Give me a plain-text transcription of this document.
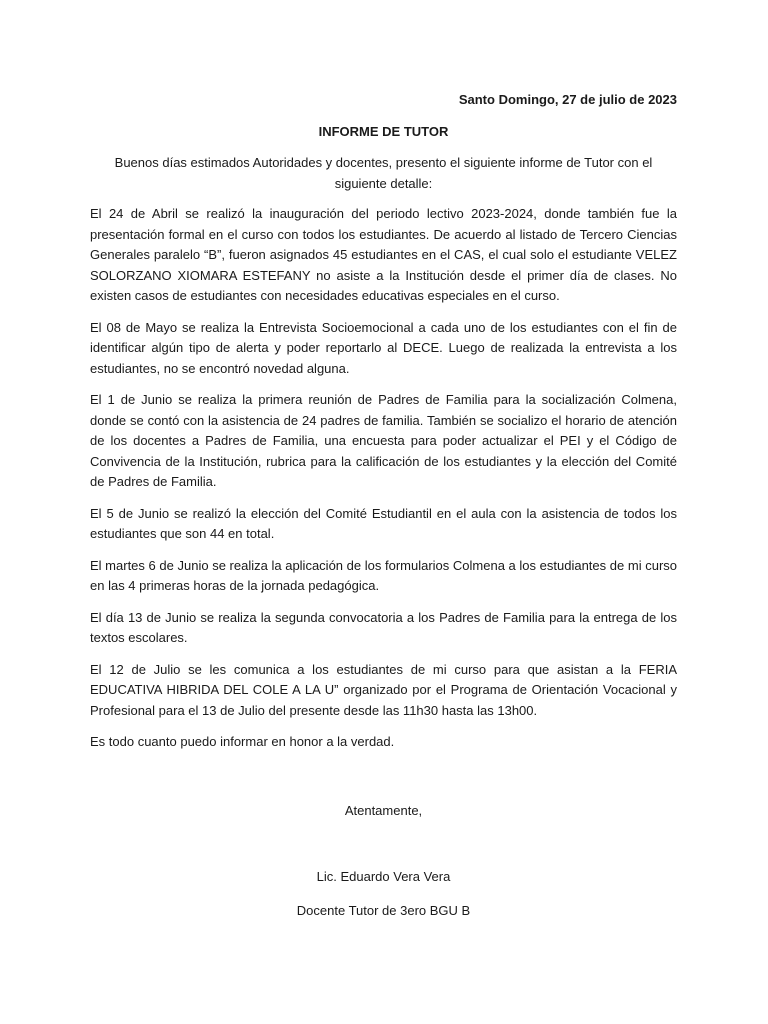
Santo Domingo, 27 de julio de 2023

INFORME DE TUTOR

Buenos días estimados Autoridades y docentes, presento el siguiente informe de Tutor con el siguiente detalle:

El 24 de Abril se realizó la inauguración del periodo lectivo 2023-2024, donde también fue la presentación formal en el curso con todos los estudiantes. De acuerdo al listado de Tercero Ciencias Generales paralelo “B”, fueron asignados 45 estudiantes en el CAS, el cual solo el estudiante VELEZ SOLORZANO XIOMARA ESTEFANY no asiste a la Institución desde el primer día de clases. No existen casos de estudiantes con necesidades educativas especiales en el curso.

El 08 de Mayo se realiza la Entrevista Socioemocional a cada uno de los estudiantes con el fin de identificar algún tipo de alerta y poder reportarlo al DECE. Luego de realizada la entrevista a los estudiantes, no se encontró novedad alguna.

El 1 de Junio se realiza la primera reunión de Padres de Familia para la socialización Colmena, donde se contó con la asistencia de 24 padres de familia. También se socializo el horario de atención de los docentes a Padres de Familia, una encuesta para poder actualizar el PEI y el Código de Convivencia de la Institución, rubrica para la calificación de los estudiantes y la elección del Comité de Padres de Familia.

El 5 de Junio se realizó la elección del Comité Estudiantil en el aula con la asistencia de todos los estudiantes que son 44 en total.

El martes 6 de Junio se realiza la aplicación de los formularios Colmena a los estudiantes de mi curso en las 4 primeras horas de la jornada pedagógica.

El día 13 de Junio se realiza la segunda convocatoria a los Padres de Familia para la entrega de los textos escolares.

El 12 de Julio se les comunica a los estudiantes de mi curso para que asistan a la FERIA EDUCATIVA HIBRIDA DEL COLE A LA U” organizado por el Programa de Orientación Vocacional y Profesional para el 13 de Julio del presente desde las 11h30 hasta las 13h00.

Es todo cuanto puedo informar en honor a la verdad.

Atentamente,

Lic. Eduardo Vera Vera

Docente Tutor de 3ero BGU B
